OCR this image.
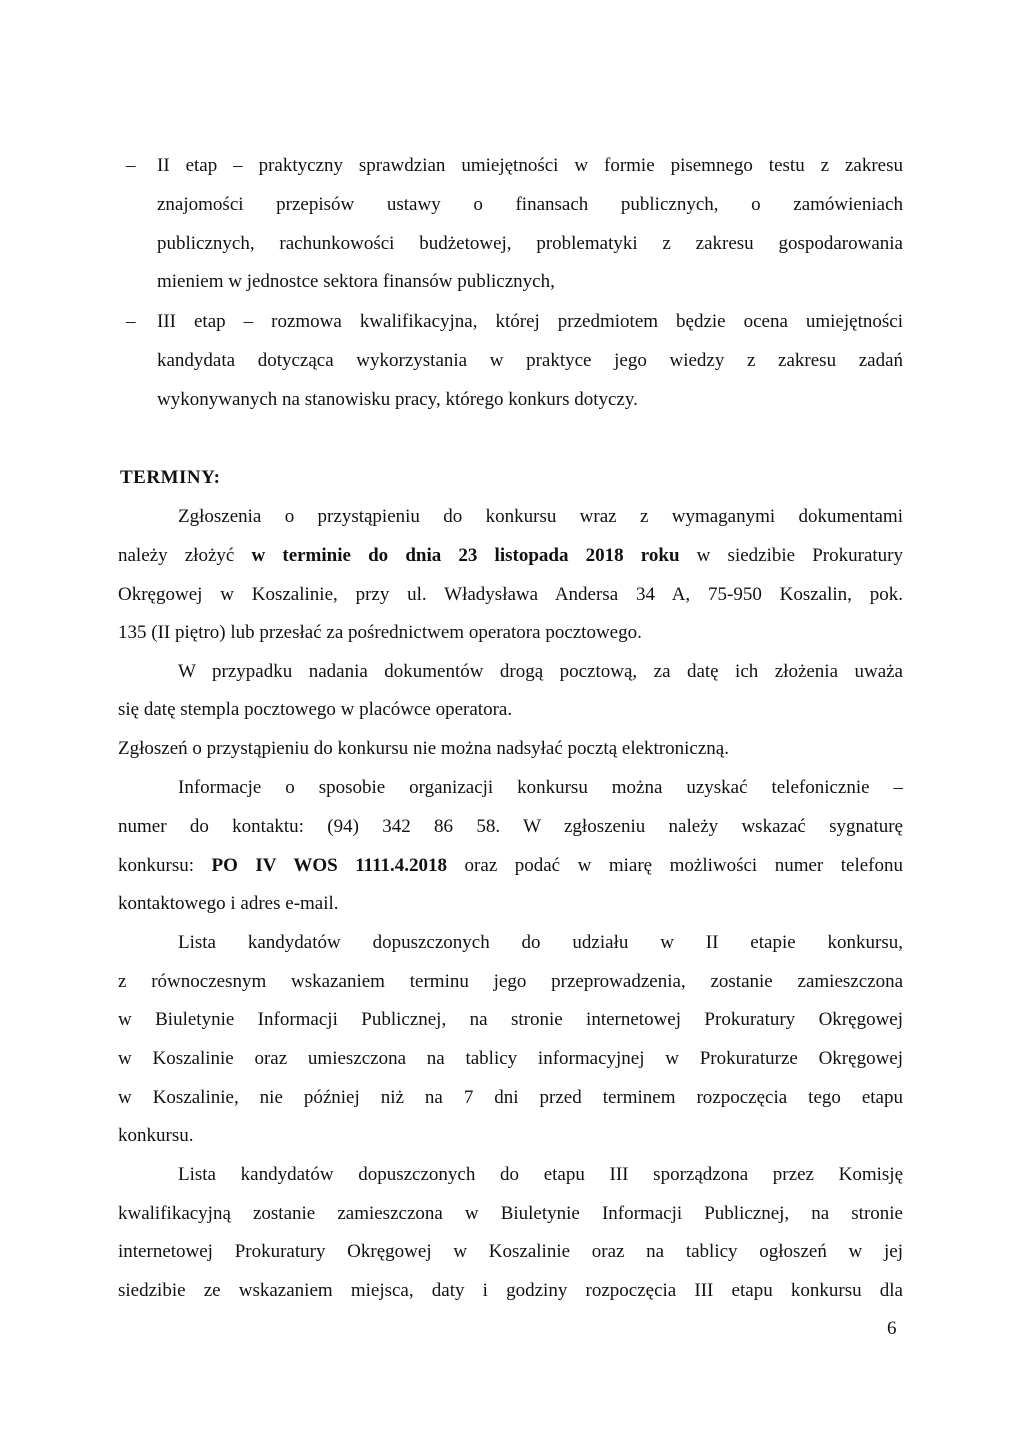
– II etap – praktyczny sprawdzian umiejętności w formie pisemnego testu z zakresu
znajomości przepisów ustawy o finansach publicznych, o zamówieniach
publicznych, rachunkowości budżetowej, problematyki z zakresu gospodarowania
mieniem w jednostce sektora finansów publicznych,
– III etap – rozmowa kwalifikacyjna, której przedmiotem będzie ocena umiejętności
kandydata dotycząca wykorzystania w praktyce jego wiedzy z zakresu zadań
wykonywanych na stanowisku pracy, którego konkurs dotyczy.
TERMINY:
Zgłoszenia o przystąpieniu do konkursu wraz z wymaganymi dokumentami
należy złożyć w terminie do dnia 23 listopada 2018 roku w siedzibie Prokuratury
Okręgowej w Koszalinie, przy ul. Władysława Andersa 34 A, 75-950 Koszalin, pok.
135 (II piętro) lub przesłać za pośrednictwem operatora pocztowego.
W przypadku nadania dokumentów drogą pocztową, za datę ich złożenia uważa
się datę stempla pocztowego w placówce operatora.
Zgłoszeń o przystąpieniu do konkursu nie można nadsyłać pocztą elektroniczną.
Informacje o sposobie organizacji konkursu można uzyskać telefonicznie –
numer do kontaktu: (94) 342 86 58. W zgłoszeniu należy wskazać sygnaturę
konkursu: PO IV WOS 1111.4.2018 oraz podać w miarę możliwości numer telefonu
kontaktowego i adres e-mail.
Lista kandydatów dopuszczonych do udziału w II etapie konkursu,
z równoczesnym wskazaniem terminu jego przeprowadzenia, zostanie zamieszczona
w Biuletynie Informacji Publicznej, na stronie internetowej Prokuratury Okręgowej
w Koszalinie oraz umieszczona na tablicy informacyjnej w Prokuraturze Okręgowej
w Koszalinie, nie później niż na 7 dni przed terminem rozpoczęcia tego etapu
konkursu.
Lista kandydatów dopuszczonych do etapu III sporządzona przez Komisję
kwalifikacyjną zostanie zamieszczona w Biuletynie Informacji Publicznej, na stronie
internetowej Prokuratury Okręgowej w Koszalinie oraz na tablicy ogłoszeń w jej
siedzibie ze wskazaniem miejsca, daty i godziny rozpoczęcia III etapu konkursu dla
6
